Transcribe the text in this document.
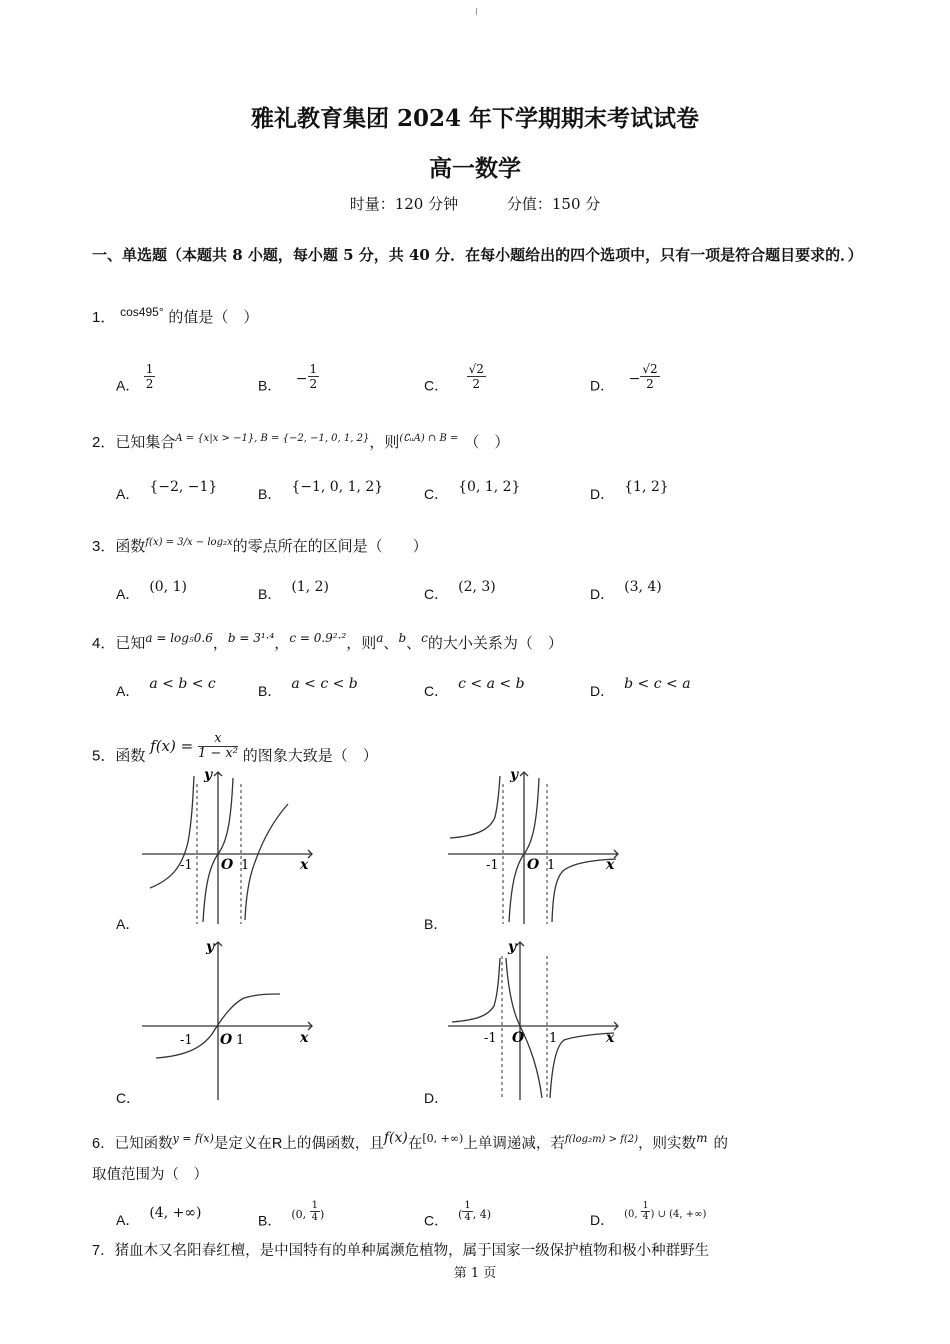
雅礼教育集团 2024 年下学期期末考试试卷
高一数学
时量：120 分钟	分值：150 分
一、单选题（本题共 8 小题，每小题 5 分，共 40 分．在每小题给出的四个选项中，只有一项是符合题目要求的．）
1． $^{cos495^\circ}$ 的值是（　）
A． $\frac{1}{2}$	B． − $\frac{1}{2}$	C． $\frac{√2}{2}$	D． − $\frac{√2}{2}$
2．已知集合$^{A = \{x|x > -1\}, B = \{-2, -1, 0, 1, 2\}}$，则$^{(∁ᵤA) \cap B =}$ （　）
A． {−2, −1}	B． {−1, 0, 1, 2}	C． {0, 1, 2}	D． {1, 2}
3．函数$^{f(x) = 3/x - log_2x}$的零点所在的区间是（　　）
A． (0, 1)	B． (1, 2)	C． (2, 3)	D． (3, 4)
4．已知$^{a = log_50.6}$，$^{b = 3^1\cdot^4}$，$^{c = 0.9^2\cdot^2}$，则$^a$、$^b$、$^c$的大小关系为（　）
A． a < b < c	B． a < c < b	C． c < a < b	D． b < c < a
5．函数 $f(x) = \frac{x}{\text{1 − x²}}$ 的图象大致是（　）
y
x
O
-1	1
A．
y
x
O
-1	1
B．
y
x
O
-1	1
C．
y
x
O
-1	1
D．
6．已知函数$^{y = f(x)}$是定义在R上的偶函数，且f(x)在$^{[0, +\infty)}$上单调递减，若$^{f(log_2m) > f(2)}$，则实数$^m$ 的
取值范围为（　）
A． (4, +∞)	B． $^{(0,} \frac{1}{4} ^)$	C． $^( \frac{1}{4} ^{, 4)}$	D． $^{(0,} \frac{1}{4} ^{) \cup (4, +\infty)}$
7．猪血木又名阳春红檀，是中国特有的单种属濒危植物，属于国家一级保护植物和极小种群野生
第 1 页
